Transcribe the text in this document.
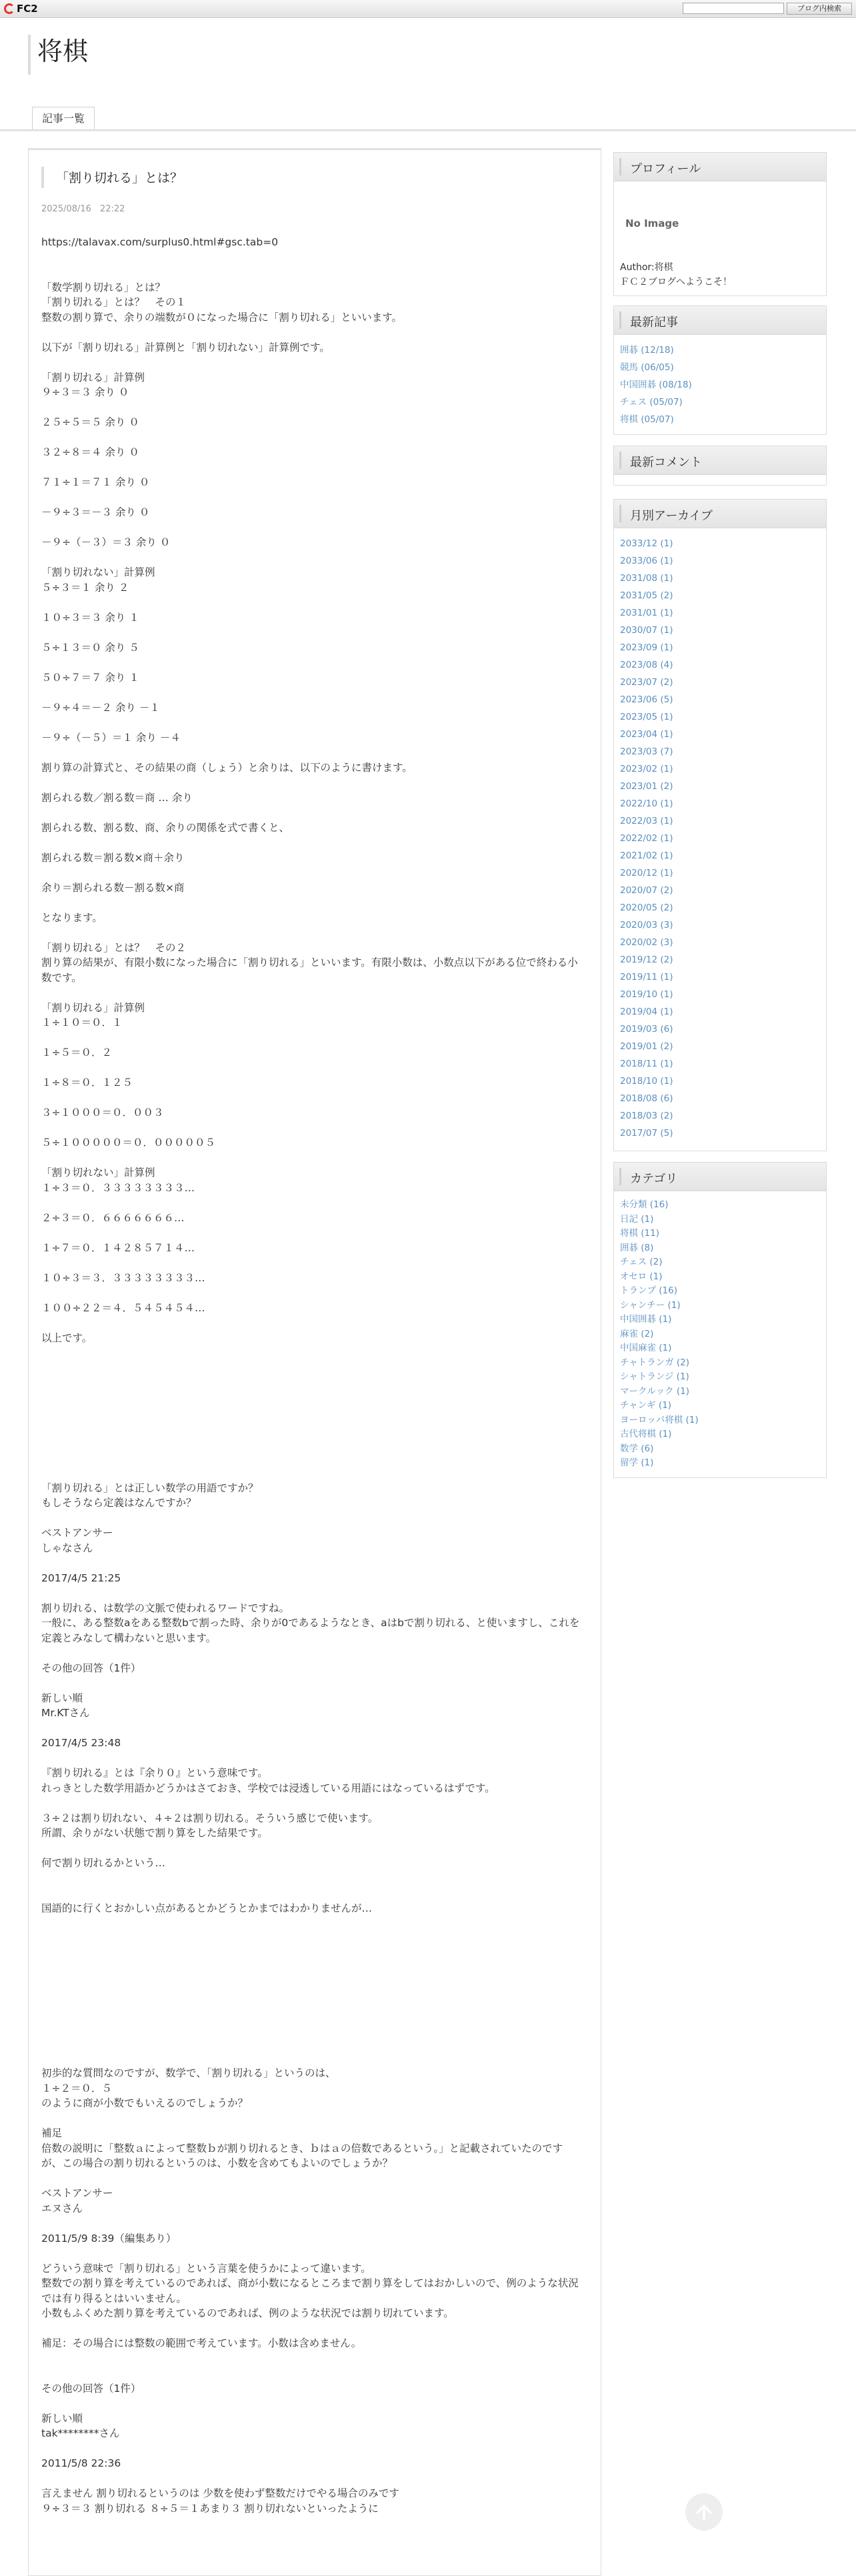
FC2	ブログ内検索
将棋
記事一覧
「割り切れる」とは？
2025/08/16　22:22
https://talavax.com/surplus0.html#gsc.tab=0

「数学割り切れる」とは？
「割り切れる」とは？　その１
整数の割り算で、余りの端数が０になった場合に「割り切れる」といいます。

以下が「割り切れる」計算例と「割り切れない」計算例です。

「割り切れる」計算例
９÷３＝３ 余り ０

２５÷５＝５ 余り ０

３２÷８＝４ 余り ０

７１÷１＝７１ 余り ０

－９÷３＝－３ 余り ０

－９÷（－３）＝３ 余り ０

「割り切れない」計算例
５÷３＝１ 余り ２

１０÷３＝３ 余り １

５÷１３＝０ 余り ５

５０÷７＝７ 余り １

－９÷４＝－２ 余り －１

－９÷（－５）＝１ 余り －４

割り算の計算式と、その結果の商（しょう）と余りは、以下のように書けます。

割られる数／割る数＝商 … 余り

割られる数、割る数、商、余りの関係を式で書くと、

割られる数＝割る数×商＋余り

余り＝割られる数－割る数×商

となります。

「割り切れる」とは？　その２
割り算の結果が、有限小数になった場合に「割り切れる」といいます。有限小数は、小数点以下がある位で終わる小数です。

「割り切れる」計算例
１÷１０＝０．１

１÷５＝０．２

１÷８＝０．１２５

３÷１０００＝０．００３

５÷１０００００＝０．０００００５

「割り切れない」計算例
１÷３＝０．３３３３３３３３…

２÷３＝０．６６６６６６６…

１÷７＝０．１４２８５７１４…

１０÷３＝３．３３３３３３３３…

１００÷２２＝４．５４５４５４…

以上です。

「割り切れる」とは正しい数学の用語ですか？
もしそうなら定義はなんですか？

ベストアンサー
しゃなさん

2017/4/5 21:25

割り切れる、は数学の文脈で使われるワードですね。
一般に、ある整数aをある整数bで割った時、余りが0であるようなとき、aはbで割り切れる、と使いますし、これを定義とみなして構わないと思います。

その他の回答（1件）

新しい順
Mr.KTさん

2017/4/5 23:48

『割り切れる』とは『余り０』という意味です。
れっきとした数学用語かどうかはさておき、学校では浸透している用語にはなっているはずです。

３÷２は割り切れない、４÷２は割り切れる。そういう感じで使います。
所謂、余りがない状態で割り算をした結果です。

何で割り切れるかという…

国語的に行くとおかしい点があるとかどうとかまではわかりませんが…

初歩的な質問なのですが、数学で、「割り切れる」というのは、
１÷２＝０．５
のように商が小数でもいえるのでしょうか？

補足
倍数の説明に「整数ａによって整数ｂが割り切れるとき、ｂはａの倍数であるという。」と記載されていたのですが、この場合の割り切れるというのは、小数を含めてもよいのでしょうか？

ベストアンサー
エヌさん

2011/5/9 8:39（編集あり）

どういう意味で「割り切れる」という言葉を使うかによって違います。
整数での割り算を考えているのであれば、商が小数になるところまで割り算をしてはおかしいので、例のような状況では有り得るとはいいません。
小数もふくめた割り算を考えているのであれば、例のような状況では割り切れています。

補足：その場合には整数の範囲で考えています。小数は含めません。

その他の回答（1件）

新しい順
tak********さん

2011/5/8 22:36

言えません 割り切れるというのは 少数を使わず整数だけでやる場合のみです
９÷３＝３ 割り切れる ８÷５＝１あまり３ 割り切れないといったように
プロフィール
No Image
Author:将棋
ＦＣ２ブログへようこそ！
最新記事
囲碁 (12/18)
競馬 (06/05)
中国囲碁 (08/18)
チェス (05/07)
将棋 (05/07)
最新コメント
月別アーカイブ
2033/12 (1)
2033/06 (1)
2031/08 (1)
2031/05 (2)
2031/01 (1)
2030/07 (1)
2023/09 (1)
2023/08 (4)
2023/07 (2)
2023/06 (5)
2023/05 (1)
2023/04 (1)
2023/03 (7)
2023/02 (1)
2023/01 (2)
2022/10 (1)
2022/03 (1)
2022/02 (1)
2021/02 (1)
2020/12 (1)
2020/07 (2)
2020/05 (2)
2020/03 (3)
2020/02 (3)
2019/12 (2)
2019/11 (1)
2019/10 (1)
2019/04 (1)
2019/03 (6)
2019/01 (2)
2018/11 (1)
2018/10 (1)
2018/08 (6)
2018/03 (2)
2017/07 (5)
カテゴリ
未分類 (16)
日記 (1)
将棋 (11)
囲碁 (8)
チェス (2)
オセロ (1)
トランプ (16)
シャンチー (1)
中国囲碁 (1)
麻雀 (2)
中国麻雀 (1)
チャトランガ (2)
シャトランジ (1)
マークルック (1)
チャンギ (1)
ヨーロッパ将棋 (1)
古代将棋 (1)
数学 (6)
留学 (1)
